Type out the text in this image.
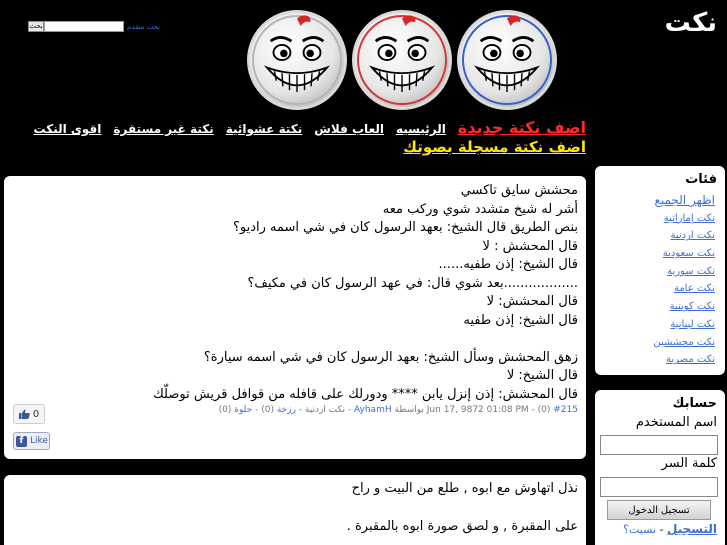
نكت
بحث	بحث متقدم
اضف نكتة جديدة
الرئيسيه
العاب فلاش
نكتة عشوائية
نكتة غير مستقرة
اقوى النكت
اضف نكتة مسجلة بصوتك
محشش سايق تاكسي
أشر له شيخ متشدد شوي وركب معه
بنص الطريق قال الشيخ: بعهد الرسول كان في شي اسمه راديو؟
قال المحشش : لا
قال الشيخ: إذن طفيه......
..................بعد شوي قال: في عهد الرسول كان في مكيف؟
قال المحشش: لا
قال الشيخ: إذن طفيه
زهق المحشش وسأل الشيخ: بعهد الرسول كان في شي اسمه سيارة؟
قال الشيخ: لا
قال المحشش: إذن إنزل يابن **** ودورلك على قافله من قوافل قريش توصلّك
#215 (0) - Jun 17, 9872 01:08 PM بواسطة AyhamH - نكت اردنية - رزخة (0) - حلوة (0)
0
f Like
نذل اتهاوش مع ابوه , طلع من البيت و راح
على المقبرة , و لصق صورة ابوه بالمقبرة .
فئات
اظهر الجميع
نكت إماراتية
نكت اردنية
نكت سعودية
نكت سورية
نكت عامة
نكت كويتية
نكت لبنانية
نكت محششين
نكت مصرية
حسابك
اسم المستخدم
كلمة السر
تسجيل الدخول
التسجيل - نسيت؟
